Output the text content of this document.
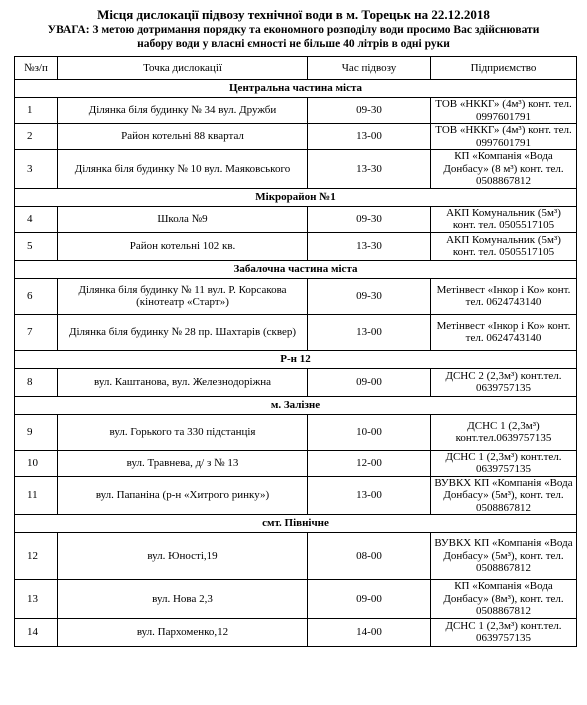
Місця дислокації підвозу технічної води в м. Торецьк на 22.12.2018
УВАГА: З метою дотримання порядку та економного розподілу води просимо Вас здійснювати набору води у власні ємності не більше 40 літрів в одні руки
№з/п	Точка дислокації	Час підвозу	Підприємство
Центральна частина міста			
1	Ділянка біля будинку № 34 вул. Дружби	09-30	ТОВ «НККГ» (4м³) конт. тел. 0997601791
2	Район котельні 88 квартал	13-00	ТОВ «НККГ» (4м³) конт. тел. 0997601791
3	Ділянка біля будинку № 10 вул. Маяковського	13-30	КП «Компанія «Вода Донбасу» (8 м³) конт. тел. 0508867812
Мікрорайон №1			
4	Школа №9	09-30	АКП Комунальник (5м³) конт. тел. 0505517105
5	Район котельні 102 кв.	13-30	АКП Комунальник (5м³) конт. тел. 0505517105
Забалочна частина міста			
6	Ділянка біля будинку № 11 вул. Р. Корсакова (кінотеатр «Старт»)	09-30	Метінвест «Інкор і Ко» конт. тел. 0624743140
7	Ділянка біля будинку № 28 пр. Шахтарів (сквер)	13-00	Метінвест «Інкор і Ко» конт. тел. 0624743140
Р-н 12			
8	вул. Каштанова, вул. Железнодоріжна	09-00	ДСНС 2 (2,3м³) конт.тел. 0639757135
м. Залізне			
9	вул. Горького та 330 підстанція	10-00	ДСНС 1 (2,3м³) конт.тел.0639757135
10	вул. Травнева, д/ з № 13	12-00	ДСНС 1 (2,3м³) конт.тел. 0639757135
11	вул. Папаніна (р-н «Хитрого ринку»)	13-00	ВУВКХ КП «Компанія «Вода Донбасу» (5м³), конт. тел. 0508867812
смт. Північне			
12	вул. Юності,19	08-00	ВУВКХ КП «Компанія «Вода Донбасу» (5м³), конт. тел. 0508867812
13	вул. Нова 2,3	09-00	КП «Компанія «Вода Донбасу» (8м³), конт. тел. 0508867812
14	вул. Пархоменко,12	14-00	ДСНС 1 (2,3м³) конт.тел. 0639757135
